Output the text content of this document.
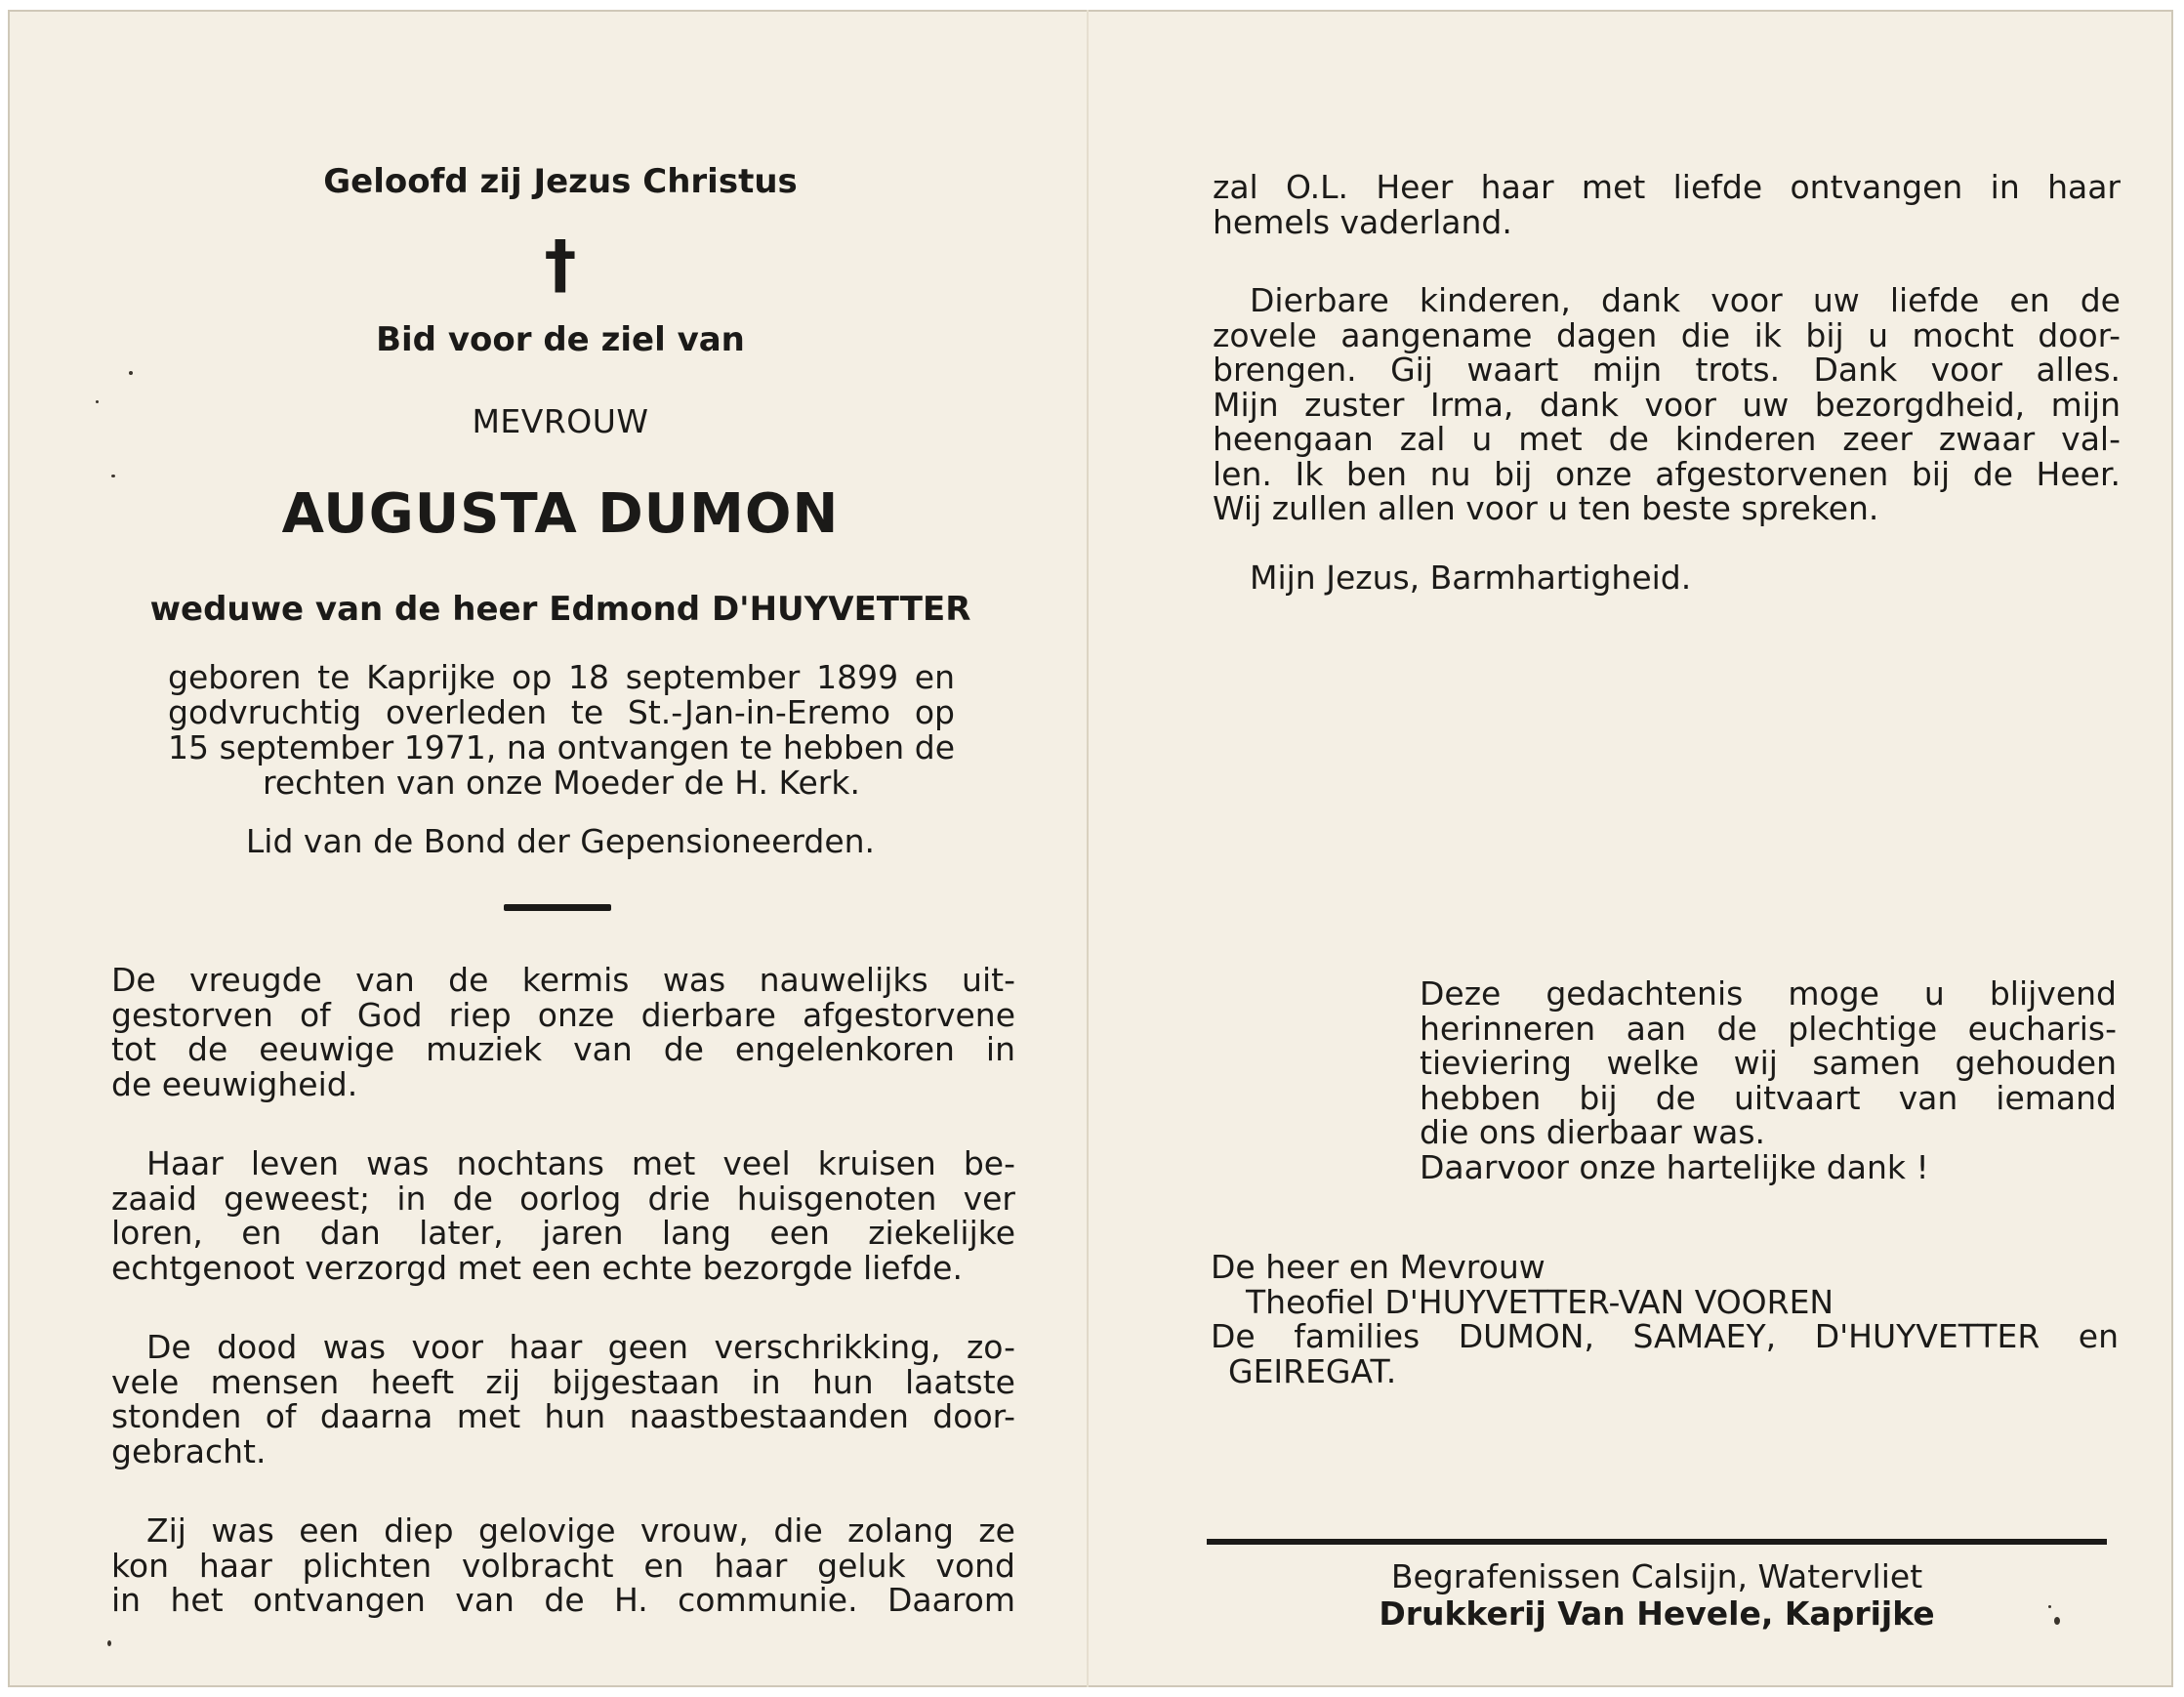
Geloofd zij Jezus Christus
†
Bid voor de ziel van
MEVROUW
AUGUSTA DUMON
weduwe van de heer Edmond D'HUYVETTER
geboren te Kaprijke op 18 september 1899 en
godvruchtig overleden te St.-Jan-in-Eremo op
15 september 1971, na ontvangen te hebben de
rechten van onze Moeder de H. Kerk.
Lid van de Bond der Gepensioneerden.
De vreugde van de kermis was nauwelijks uit-
gestorven of God riep onze dierbare afgestorvene
tot de eeuwige muziek van de engelenkoren in
de eeuwigheid.
Haar leven was nochtans met veel kruisen be-
zaaid geweest; in de oorlog drie huisgenoten ver
loren, en dan later, jaren lang een ziekelijke
echtgenoot verzorgd met een echte bezorgde liefde.
De dood was voor haar geen verschrikking, zo-
vele mensen heeft zij bijgestaan in hun laatste
stonden of daarna met hun naastbestaanden door-
gebracht.
Zij was een diep gelovige vrouw, die zolang ze
kon haar plichten volbracht en haar geluk vond
in het ontvangen van de H. communie. Daarom
zal O.L. Heer haar met liefde ontvangen in haar
hemels vaderland.
Dierbare kinderen, dank voor uw liefde en de
zovele aangename dagen die ik bij u mocht door-
brengen. Gij waart mijn trots. Dank voor alles.
Mijn zuster Irma, dank voor uw bezorgdheid, mijn
heengaan zal u met de kinderen zeer zwaar val-
len. Ik ben nu bij onze afgestorvenen bij de Heer.
Wij zullen allen voor u ten beste spreken.
Mijn Jezus, Barmhartigheid.
Deze gedachtenis moge u blijvend
herinneren aan de plechtige eucharis-
tieviering welke wij samen gehouden
hebben bij de uitvaart van iemand
die ons dierbaar was.
Daarvoor onze hartelijke dank !
De heer en Mevrouw
Theofiel D'HUYVETTER-VAN VOOREN
De families DUMON, SAMAEY, D'HUYVETTER en
GEIREGAT.
Begrafenissen Calsijn, Watervliet
Drukkerij Van Hevele, Kaprijke
